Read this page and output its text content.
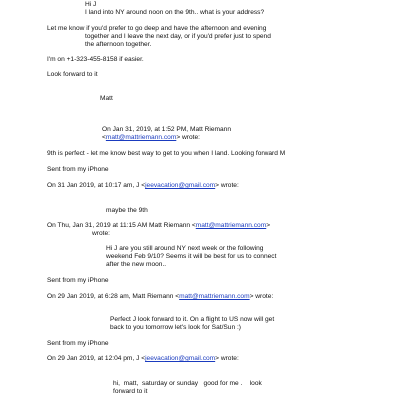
Hi J
I land into NY around noon on the 9th.. what is your address?
Let me know if you'd prefer to go deep and have the afternoon and evening
together and I leave the next day, or if you'd prefer just to spend
the afternoon together.
I'm on +1-323-455-8158 if easier.
Look forward to it
Matt
On Jan 31, 2019, at 1:52 PM, Matt Riemann
<matt@mattriemann.com> wrote:
9th is perfect - let me know best way to get to you when I land. Looking forward M
Sent from my iPhone
On 31 Jan 2019, at 10:17 am, J <jeevacation@gmail.com> wrote:
maybe the 9th
On Thu, Jan 31, 2019 at 11:15 AM Matt Riemann <matt@mattriemann.com>
wrote:
Hi J are you still around NY next week or the following
weekend Feb 9/10? Seems it will be best for us to connect
after the new moon..
Sent from my iPhone
On 29 Jan 2019, at 6:28 am, Matt Riemann <matt@mattriemann.com> wrote:
Perfect J look forward to it. On a flight to US now will get
back to you tomorrow let's look for Sat/Sun :)
Sent from my iPhone
On 29 Jan 2019, at 12:04 pm, J <jeevacation@gmail.com> wrote:
hi,  matt,  saturday or sunday   good for me .    look
forward to it
